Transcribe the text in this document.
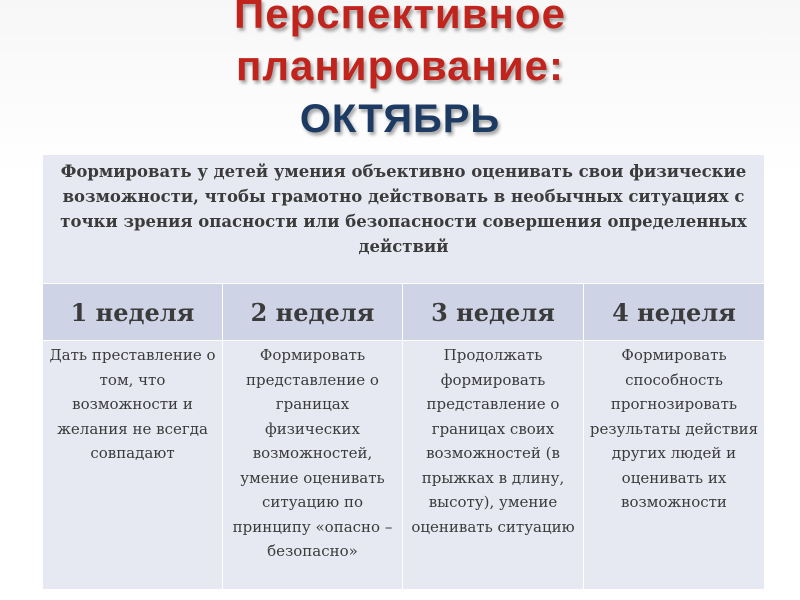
Перспективное
планирование:
ОКТЯБРЬ
Формировать у детей умения объективно оценивать свои физические возможности, чтобы грамотно действовать в необычных ситуациях с точки зрения опасности или безопасности совершения определенных действий			
1 неделя	2 неделя	3 неделя	4 неделя
Дать преставление о том, что возможности и желания не всегда совпадают	Формировать представление о границах физических возможностей, умение оценивать ситуацию по принципу «опасно – безопасно»	Продолжать формировать представление о границах своих возможностей (в прыжках в длину, высоту), умение оценивать ситуацию	Формировать способность прогнозировать результаты действия других людей и оценивать их возможности
